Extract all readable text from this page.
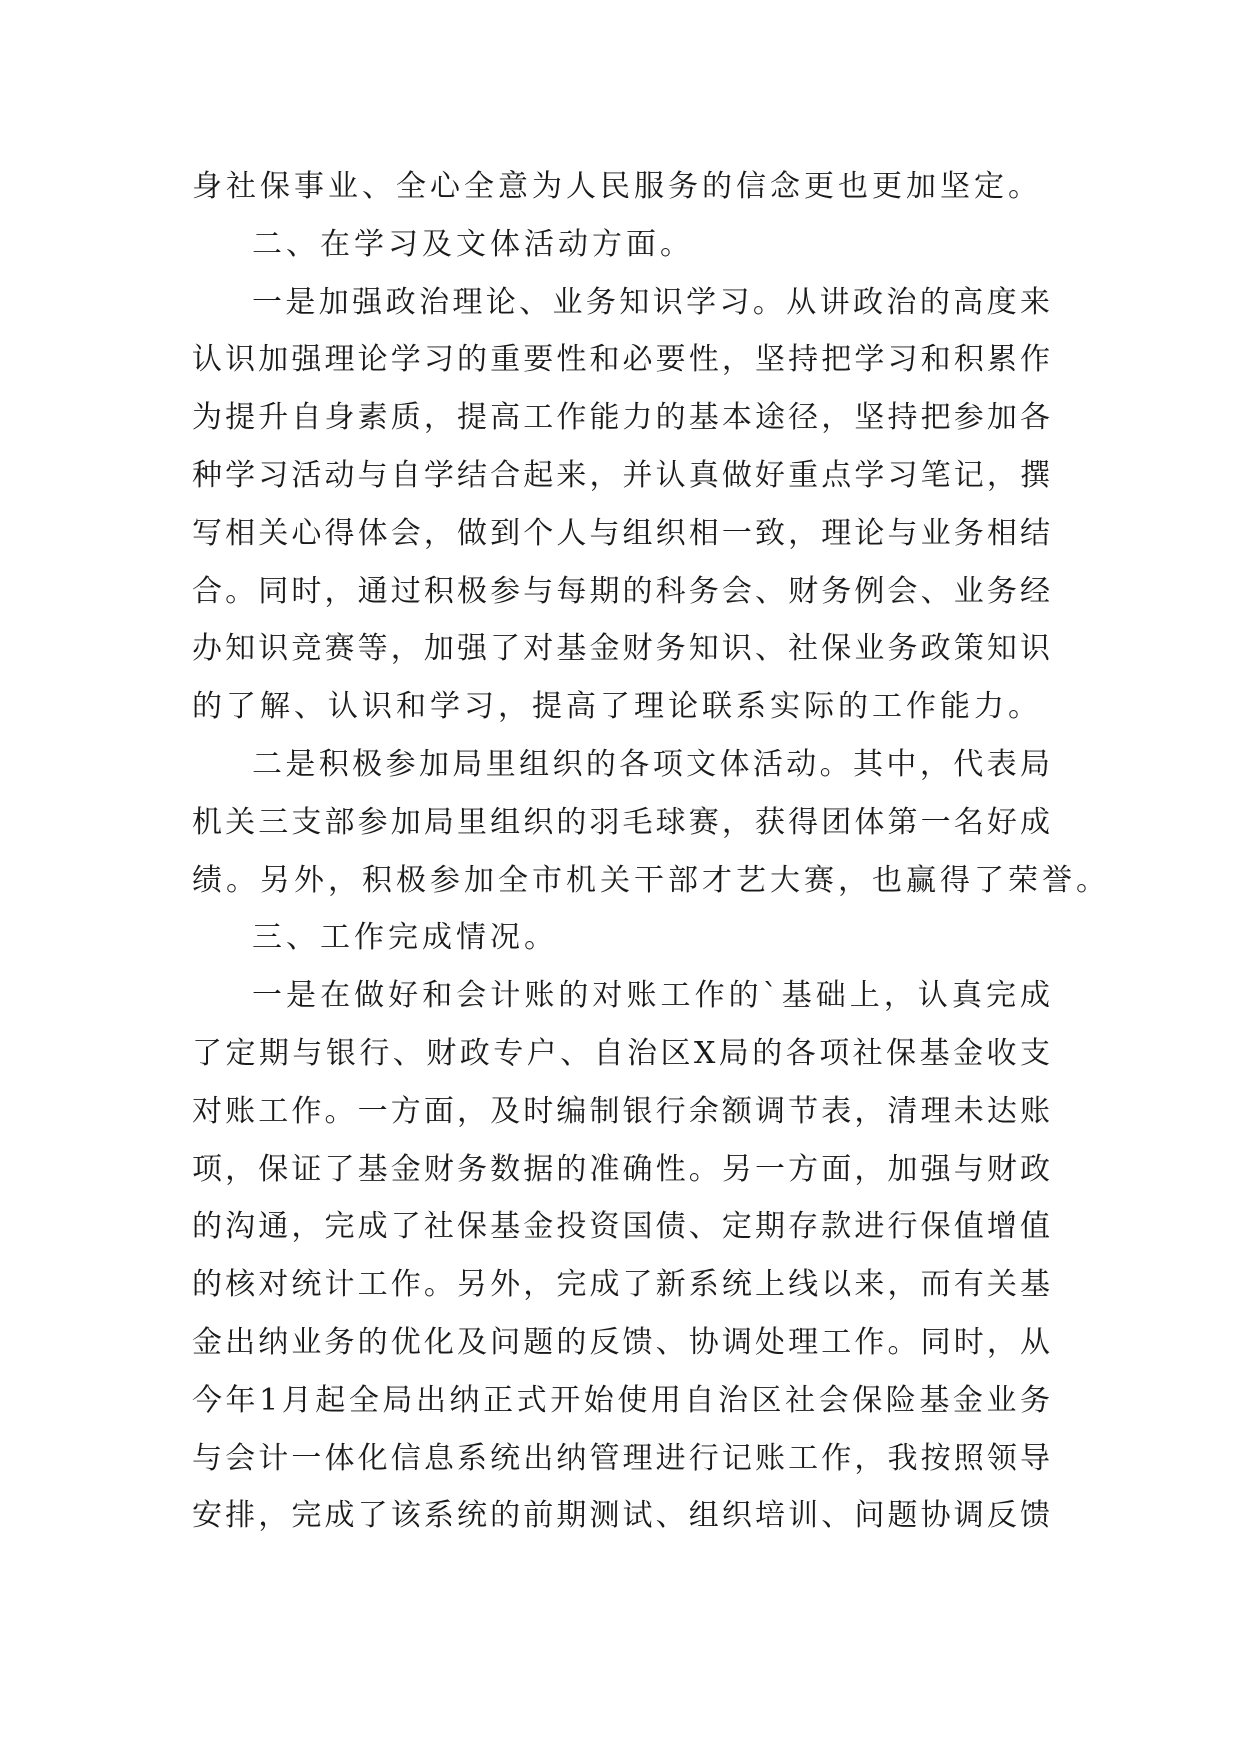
身社保事业、全心全意为人民服务的信念更也更加坚定。
二、在学习及文体活动方面。
一是加强政治理论、业务知识学习。从讲政治的高度来
认识加强理论学习的重要性和必要性，坚持把学习和积累作
为提升自身素质，提高工作能力的基本途径，坚持把参加各
种学习活动与自学结合起来，并认真做好重点学习笔记，撰
写相关心得体会，做到个人与组织相一致，理论与业务相结
合。同时，通过积极参与每期的科务会、财务例会、业务经
办知识竞赛等，加强了对基金财务知识、社保业务政策知识
的了解、认识和学习，提高了理论联系实际的工作能力。
二是积极参加局里组织的各项文体活动。其中，代表局
机关三支部参加局里组织的羽毛球赛，获得团体第一名好成
绩。另外，积极参加全市机关干部才艺大赛，也赢得了荣誉。
三、工作完成情况。
一是在做好和会计账的对账工作的`基础上，认真完成
了定期与银行、财政专户、自治区X局的各项社保基金收支
对账工作。一方面，及时编制银行余额调节表，清理未达账
项，保证了基金财务数据的准确性。另一方面，加强与财政
的沟通，完成了社保基金投资国债、定期存款进行保值增值
的核对统计工作。另外，完成了新系统上线以来，而有关基
金出纳业务的优化及问题的反馈、协调处理工作。同时，从
今年1月起全局出纳正式开始使用自治区社会保险基金业务
与会计一体化信息系统出纳管理进行记账工作，我按照领导
安排，完成了该系统的前期测试、组织培训、问题协调反馈
